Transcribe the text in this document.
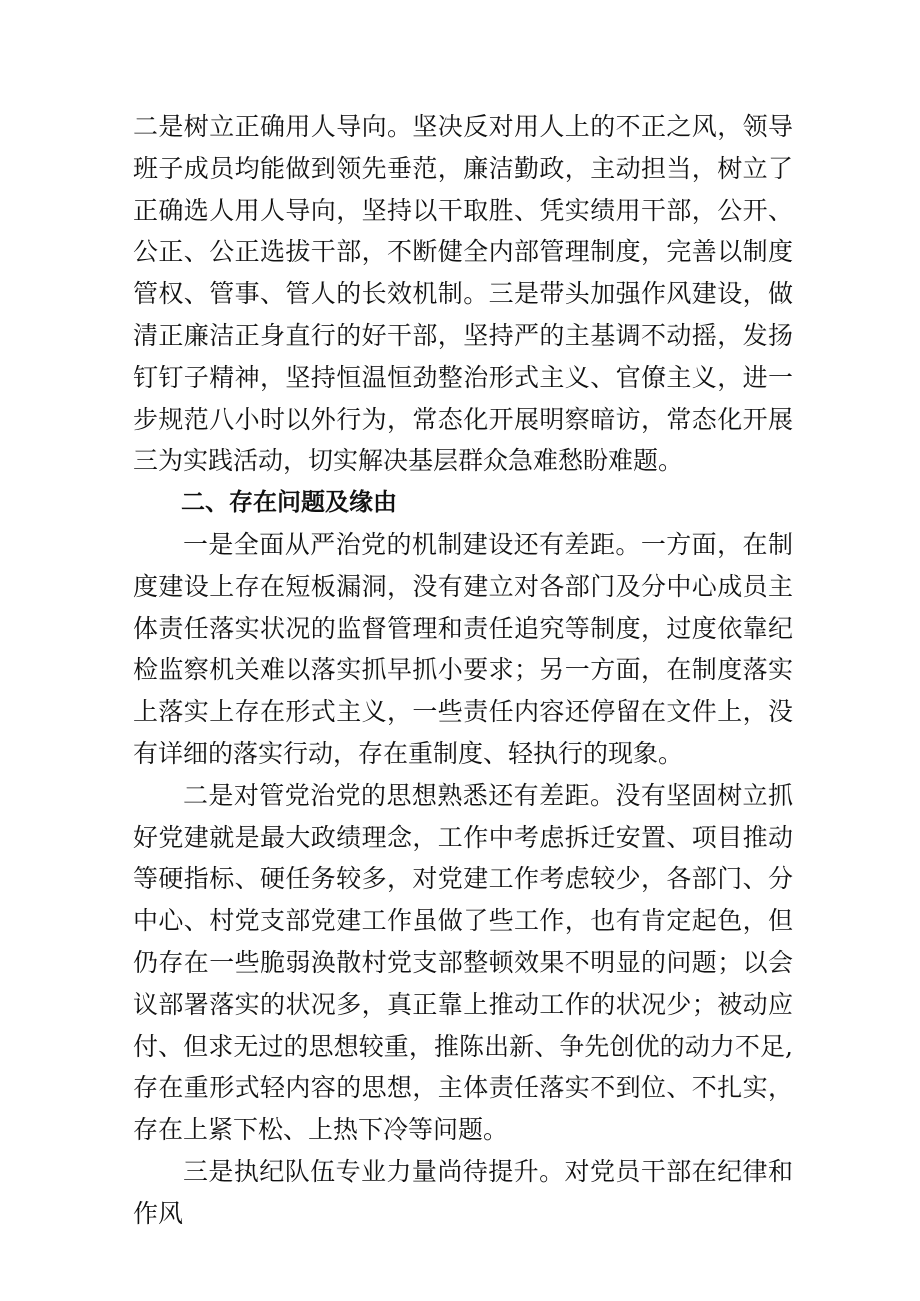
二是树立正确用人导向。坚决反对用人上的不正之风，领导班子成员均能做到领先垂范，廉洁勤政，主动担当，树立了正确选人用人导向，坚持以干取胜、凭实绩用干部，公开、公正、公正选拔干部，不断健全内部管理制度，完善以制度管权、管事、管人的长效机制。三是带头加强作风建设，做清正廉洁正身直行的好干部，坚持严的主基调不动摇，发扬钉钉子精神，坚持恒温恒劲整治形式主义、官僚主义，进一步规范八小时以外行为，常态化开展明察暗访，常态化开展三为实践活动，切实解决基层群众急难愁盼难题。

二、存在问题及缘由

一是全面从严治党的机制建设还有差距。一方面，在制度建设上存在短板漏洞，没有建立对各部门及分中心成员主体责任落实状况的监督管理和责任追究等制度，过度依靠纪检监察机关难以落实抓早抓小要求；另一方面，在制度落实上落实上存在形式主义，一些责任内容还停留在文件上，没有详细的落实行动，存在重制度、轻执行的现象。

二是对管党治党的思想熟悉还有差距。没有坚固树立抓好党建就是最大政绩理念，工作中考虑拆迁安置、项目推动等硬指标、硬任务较多，对党建工作考虑较少，各部门、分中心、村党支部党建工作虽做了些工作，也有肯定起色，但仍存在一些脆弱涣散村党支部整顿效果不明显的问题；以会议部署落实的状况多，真正靠上推动工作的状况少；被动应付、但求无过的思想较重，推陈出新、争先创优的动力不足,存在重形式轻内容的思想，主体责任落实不到位、不扎实，存在上紧下松、上热下冷等问题。

三是执纪队伍专业力量尚待提升。对党员干部在纪律和作风
